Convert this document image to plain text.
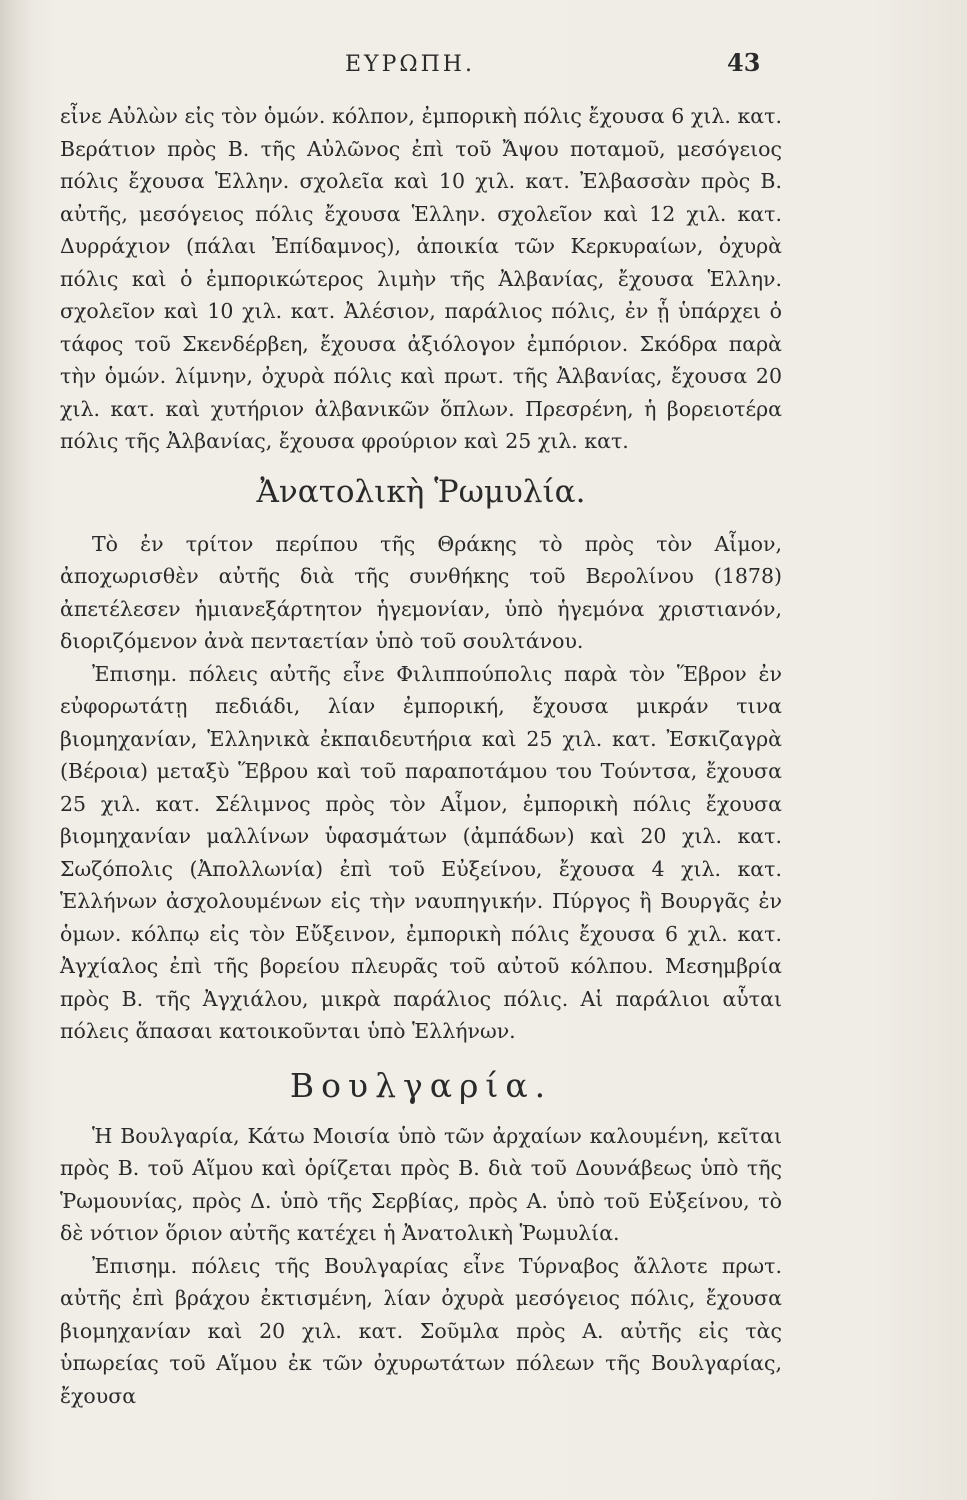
ΕΥΡΩΠΗ.	43

εἶνε Αὐλὼν εἰς τὸν ὁμών. κόλπον, ἐμπορικὴ πόλις ἔχουσα 6 χιλ. κατ. Βεράτιον πρὸς Β. τῆς Αὐλῶνος ἐπὶ τοῦ Ἄψου ποταμοῦ, μεσόγειος πόλις ἔχουσα Ἑλλην. σχολεῖα καὶ 10 χιλ. κατ. Ἐλβασσὰν πρὸς Β. αὐτῆς, μεσόγειος πόλις ἔχουσα Ἑλλην. σχολεῖον καὶ 12 χιλ. κατ. Δυρράχιον (πάλαι Ἐπίδαμνος), ἀποικία τῶν Κερκυραίων, ὀχυρὰ πόλις καὶ ὁ ἐμπορικώτερος λιμὴν τῆς Ἀλβανίας, ἔχουσα Ἑλλην. σχολεῖον καὶ 10 χιλ. κατ. Ἀλέσιον, παράλιος πόλις, ἐν ᾗ ὑπάρχει ὁ τάφος τοῦ Σκενδέρβεη, ἔχουσα ἀξιόλογον ἐμπόριον. Σκόδρα παρὰ τὴν ὁμών. λίμνην, ὀχυρὰ πόλις καὶ πρωτ. τῆς Ἀλβανίας, ἔχουσα 20 χιλ. κατ. καὶ χυτήριον ἀλβανικῶν ὅπλων. Πρεσρένη, ἡ βορειοτέρα πόλις τῆς Ἀλβανίας, ἔχουσα φρούριον καὶ 25 χιλ. κατ.

Ἀνατολικὴ Ῥωμυλία.

Τὸ ἐν τρίτον περίπου τῆς Θράκης τὸ πρὸς τὸν Αἷμον, ἀποχωρισθὲν αὐτῆς διὰ τῆς συνθήκης τοῦ Βερολίνου (1878) ἀπετέλεσεν ἡμιανεξάρτητον ἡγεμονίαν, ὑπὸ ἡγεμόνα χριστιανόν, διοριζόμενον ἀνὰ πενταετίαν ὑπὸ τοῦ σουλτάνου.

Ἐπισημ. πόλεις αὐτῆς εἶνε Φιλιππούπολις παρὰ τὸν Ἕβρον ἐν εὐφορωτάτῃ πεδιάδι, λίαν ἐμπορική, ἔχουσα μικράν τινα βιομηχανίαν, Ἑλληνικὰ ἐκπαιδευτήρια καὶ 25 χιλ. κατ. Ἐσκιζαγρὰ (Βέροια) μεταξὺ Ἕβρου καὶ τοῦ παραποτάμου του Τούντσα, ἔχουσα 25 χιλ. κατ. Σέλιμνος πρὸς τὸν Αἷμον, ἐμπορικὴ πόλις ἔχουσα βιομηχανίαν μαλλίνων ὑφασμάτων (ἀμπάδων) καὶ 20 χιλ. κατ. Σωζόπολις (Ἀπολλωνία) ἐπὶ τοῦ Εὐξείνου, ἔχουσα 4 χιλ. κατ. Ἑλλήνων ἀσχολουμένων εἰς τὴν ναυπηγικήν. Πύργος ἢ Βουργᾶς ἐν ὁμων. κόλπῳ εἰς τὸν Εὔξεινον, ἐμπορικὴ πόλις ἔχουσα 6 χιλ. κατ. Ἀγχίαλος ἐπὶ τῆς βορείου πλευρᾶς τοῦ αὐτοῦ κόλπου. Μεσημβρία πρὸς Β. τῆς Ἀγχιάλου, μικρὰ παράλιος πόλις. Αἱ παράλιοι αὗται πόλεις ἅπασαι κατοικοῦνται ὑπὸ Ἑλλήνων.

Βουλγαρία.

Ἡ Βουλγαρία, Κάτω Μοισία ὑπὸ τῶν ἀρχαίων καλουμένη, κεῖται πρὸς Β. τοῦ Αἵμου καὶ ὁρίζεται πρὸς Β. διὰ τοῦ Δουνάβεως ὑπὸ τῆς Ῥωμουνίας, πρὸς Δ. ὑπὸ τῆς Σερβίας, πρὸς Α. ὑπὸ τοῦ Εὐξείνου, τὸ δὲ νότιον ὅριον αὐτῆς κατέχει ἡ Ἀνατολικὴ Ῥωμυλία.

Ἐπισημ. πόλεις τῆς Βουλγαρίας εἶνε Τύρναβος ἄλλοτε πρωτ. αὐτῆς ἐπὶ βράχου ἐκτισμένη, λίαν ὀχυρὰ μεσόγειος πόλις, ἔχουσα βιομηχανίαν καὶ 20 χιλ. κατ. Σοῦμλα πρὸς Α. αὐτῆς εἰς τὰς ὑπωρείας τοῦ Αἵμου ἐκ τῶν ὀχυρωτάτων πόλεων τῆς Βουλγαρίας, ἔχουσα
